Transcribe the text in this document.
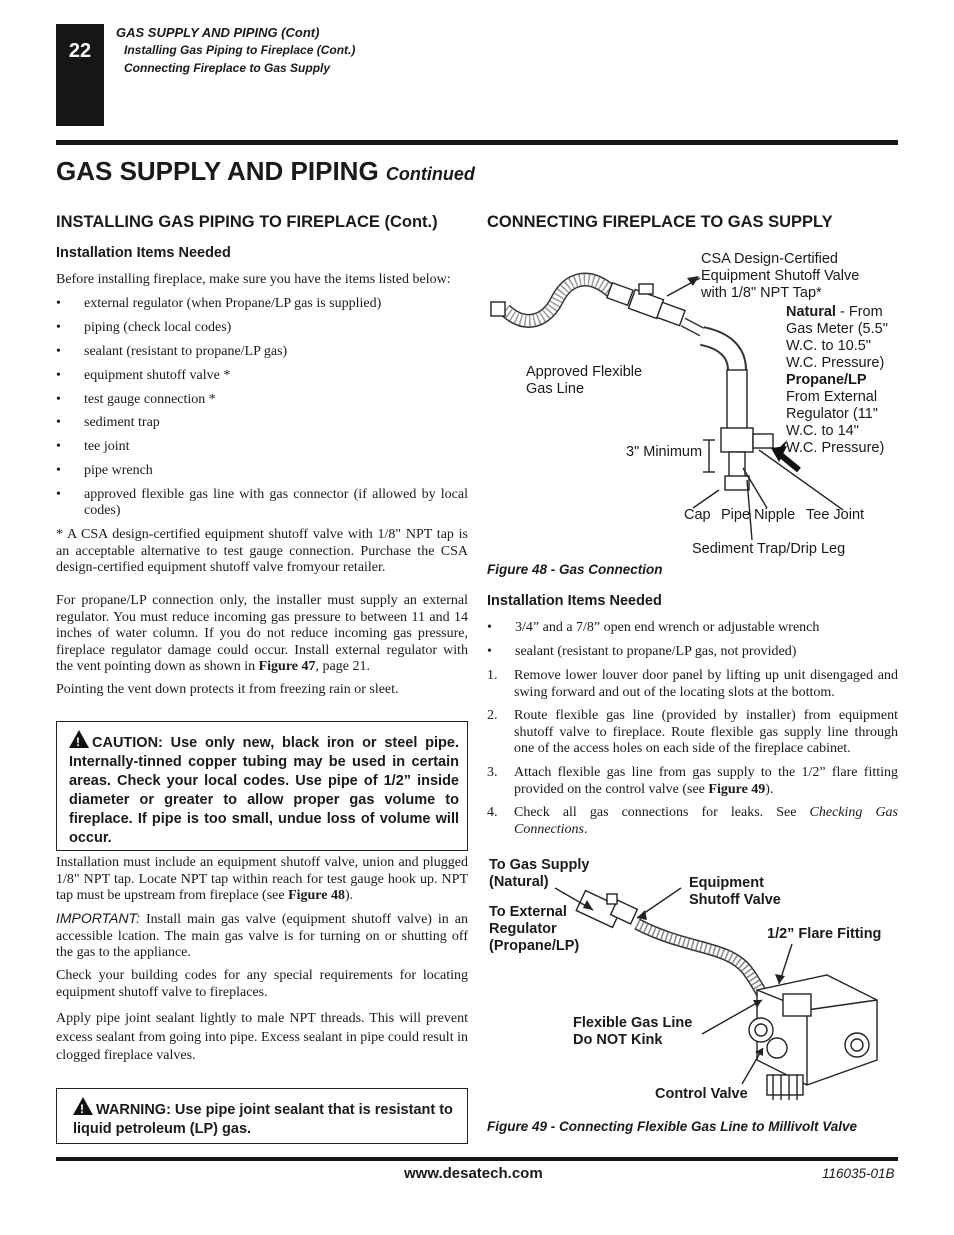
22
GAS SUPPLY AND PIPING (Cont)
Installing Gas Piping to Fireplace (Cont.)
Connecting Fireplace to Gas Supply
GAS SUPPLY AND PIPING Continued
INSTALLING GAS PIPING TO FIREPLACE (Cont.)
Installation Items Needed
Before installing fireplace, make sure you have the items listed below:
• external regulator (when Propane/LP gas is supplied)
• piping (check local codes)
• sealant (resistant to propane/LP gas)
• equipment shutoff valve *
• test gauge connection *
• sediment trap
• tee joint
• pipe wrench
• approved flexible gas line with gas connector (if allowed by local codes)
* A CSA design-certified equipment shutoff valve with 1/8" NPT tap is an acceptable alternative to test gauge connection. Purchase the CSA design-certified equipment shutoff valve fromyour retailer.
For propane/LP connection only, the installer must supply an external regulator. You must reduce incoming gas pressure to between 11 and 14 inches of water column. If you do not reduce incoming gas pressure, fireplace regulator damage could occur. Install external regulator with the vent pointing down as shown in Figure 47, page 21.
Pointing the vent down protects it from freezing rain or sleet.
! CAUTION: Use only new, black iron or steel pipe. Internally-tinned copper tubing may be used in certain areas. Check your local codes. Use pipe of 1/2” inside diameter or greater to allow proper gas volume to fireplace. If pipe is too small, undue loss of volume will occur.
Installation must include an equipment shutoff valve, union and plugged 1/8" NPT tap. Locate NPT tap within reach for test gauge hook up. NPT tap must be upstream from fireplace (see Figure 48).
IMPORTANT: Install main gas valve (equipment shutoff valve) in an accessible lcation. The main gas valve is for turning on or shutting off the gas to the appliance.
Check your building codes for any special requirements for locating equipment shutoff valve to fireplaces.
Apply pipe joint sealant lightly to male NPT threads. This will prevent excess sealant from going into pipe. Excess sealant in pipe could result in clogged fireplace valves.
! WARNING: Use pipe joint sealant that is resistant to liquid petroleum (LP) gas.
CONNECTING FIREPLACE TO GAS SUPPLY
CSA Design-Certified
Equipment Shutoff Valve
with 1/8" NPT Tap*
Natural - From
Gas Meter (5.5"
W.C. to 10.5"
W.C. Pressure)
Propane/LP
From External
Regulator (11"
W.C. to 14"
W.C. Pressure)
Approved Flexible
Gas Line
3" Minimum
Cap Pipe Nipple Tee Joint
Sediment Trap/Drip Leg
Figure 48 - Gas Connection
Installation Items Needed
• 3/4” and a 7/8” open end wrench or adjustable wrench
• sealant (resistant to propane/LP gas, not provided)
1. Remove lower louver door panel by lifting up unit disengaged and swing forward and out of the locating slots at the bottom.
2. Route flexible gas line (provided by installer) from equipment shutoff valve to fireplace. Route flexible gas supply line through one of the access holes on each side of the fireplace cabinet.
3. Attach flexible gas line from gas supply to the 1/2” flare fitting provided on the control valve (see Figure 49).
4. Check all gas connections for leaks. See Checking Gas Connections.
To Gas Supply
(Natural)
To External
Regulator
(Propane/LP)
Equipment
Shutoff Valve
1/2” Flare Fitting
Flexible Gas Line
Do NOT Kink
Control Valve
Figure 49 - Connecting Flexible Gas Line to Millivolt Valve
www.desatech.com	116035-01B
